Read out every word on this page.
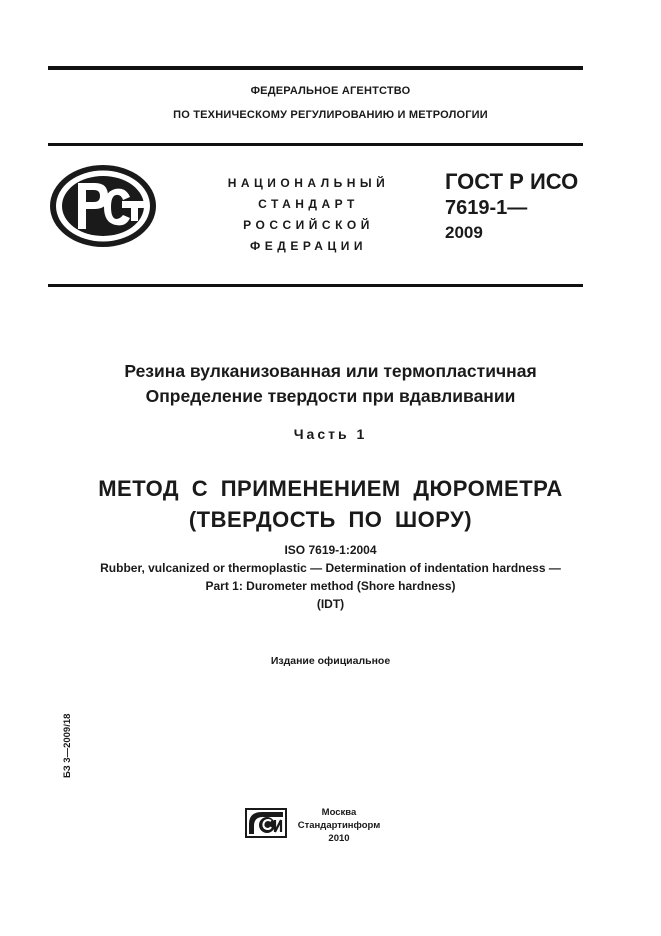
ФЕДЕРАЛЬНОЕ АГЕНТСТВО
ПО ТЕХНИЧЕСКОМУ РЕГУЛИРОВАНИЮ И МЕТРОЛОГИИ
НАЦИОНАЛЬНЫЙ
СТАНДАРТ
РОССИЙСКОЙ
ФЕДЕРАЦИИ
ГОСТ Р ИСО
7619-1—
2009
Резина вулканизованная или термопластичная
Определение твердости при вдавливании
Часть 1
МЕТОД С ПРИМЕНЕНИЕМ ДЮРОМЕТРА
(ТВЕРДОСТЬ ПО ШОРУ)
ISO 7619-1:2004
Rubber, vulcanized or thermoplastic — Determination of indentation hardness —
Part 1: Durometer method (Shore hardness)
(IDT)
Издание официальное
БЗ 3—2009/18
Москва
Стандартинформ
2010
